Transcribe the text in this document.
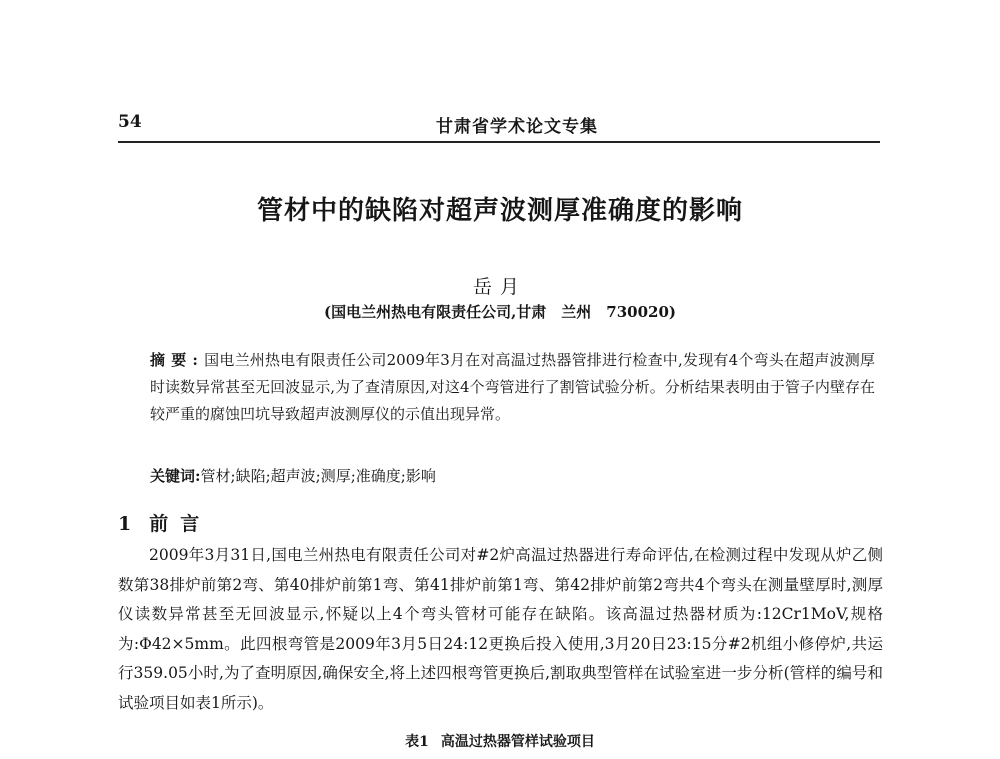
54	甘肃省学术论文专集
管材中的缺陷对超声波测厚准确度的影响
岳月
(国电兰州热电有限责任公司,甘肃　兰州　730020)
摘要:国电兰州热电有限责任公司2009年3月在对高温过热器管排进行检查中,发现有4个弯头在超声波测厚时读数异常甚至无回波显示,为了查清原因,对这4个弯管进行了割管试验分析。分析结果表明由于管子内壁存在较严重的腐蚀凹坑导致超声波测厚仪的示值出现异常。
关键词:管材;缺陷;超声波;测厚;准确度;影响
1 前言
2009年3月31日,国电兰州热电有限责任公司对#2炉高温过热器进行寿命评估,在检测过程中发现从炉乙侧数第38排炉前第2弯、第40排炉前第1弯、第41排炉前第1弯、第42排炉前第2弯共4个弯头在测量壁厚时,测厚仪读数异常甚至无回波显示,怀疑以上4个弯头管材可能存在缺陷。该高温过热器材质为:12Cr1MoV,规格为:Φ42×5mm。此四根弯管是2009年3月5日24:12更换后投入使用,3月20日23:15分#2机组小修停炉,共运行359.05小时,为了查明原因,确保安全,将上述四根弯管更换后,割取典型管样在试验室进一步分析(管样的编号和试验项目如表1所示)。
表1 高温过热器管样试验项目
